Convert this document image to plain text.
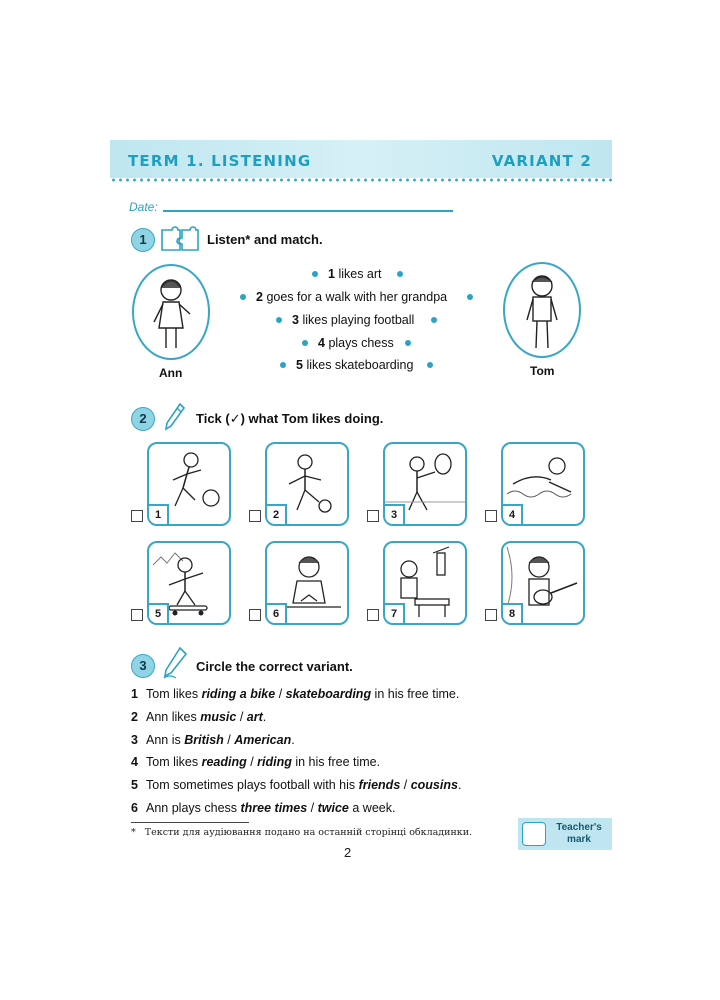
TERM 1. LISTENING	VARIANT 2
Date:
1	Listen* and match.
Ann	Tom
1 likes art
2 goes for a walk with her grandpa
3 likes playing football
4 plays chess
5 likes skateboarding
2	Tick (✓) what Tom likes doing.
1	2	3	4
5	6	7	8
3	Circle the correct variant.
1 Tom likes riding a bike / skateboarding in his free time.
2 Ann likes music / art.
3 Ann is British / American.
4 Tom likes reading / riding in his free time.
5 Tom sometimes plays football with his friends / cousins.
6 Ann plays chess three times / twice a week.
*   Тексти для аудіювання подано на останній сторінці обкладинки.
2
Teacher's
mark
